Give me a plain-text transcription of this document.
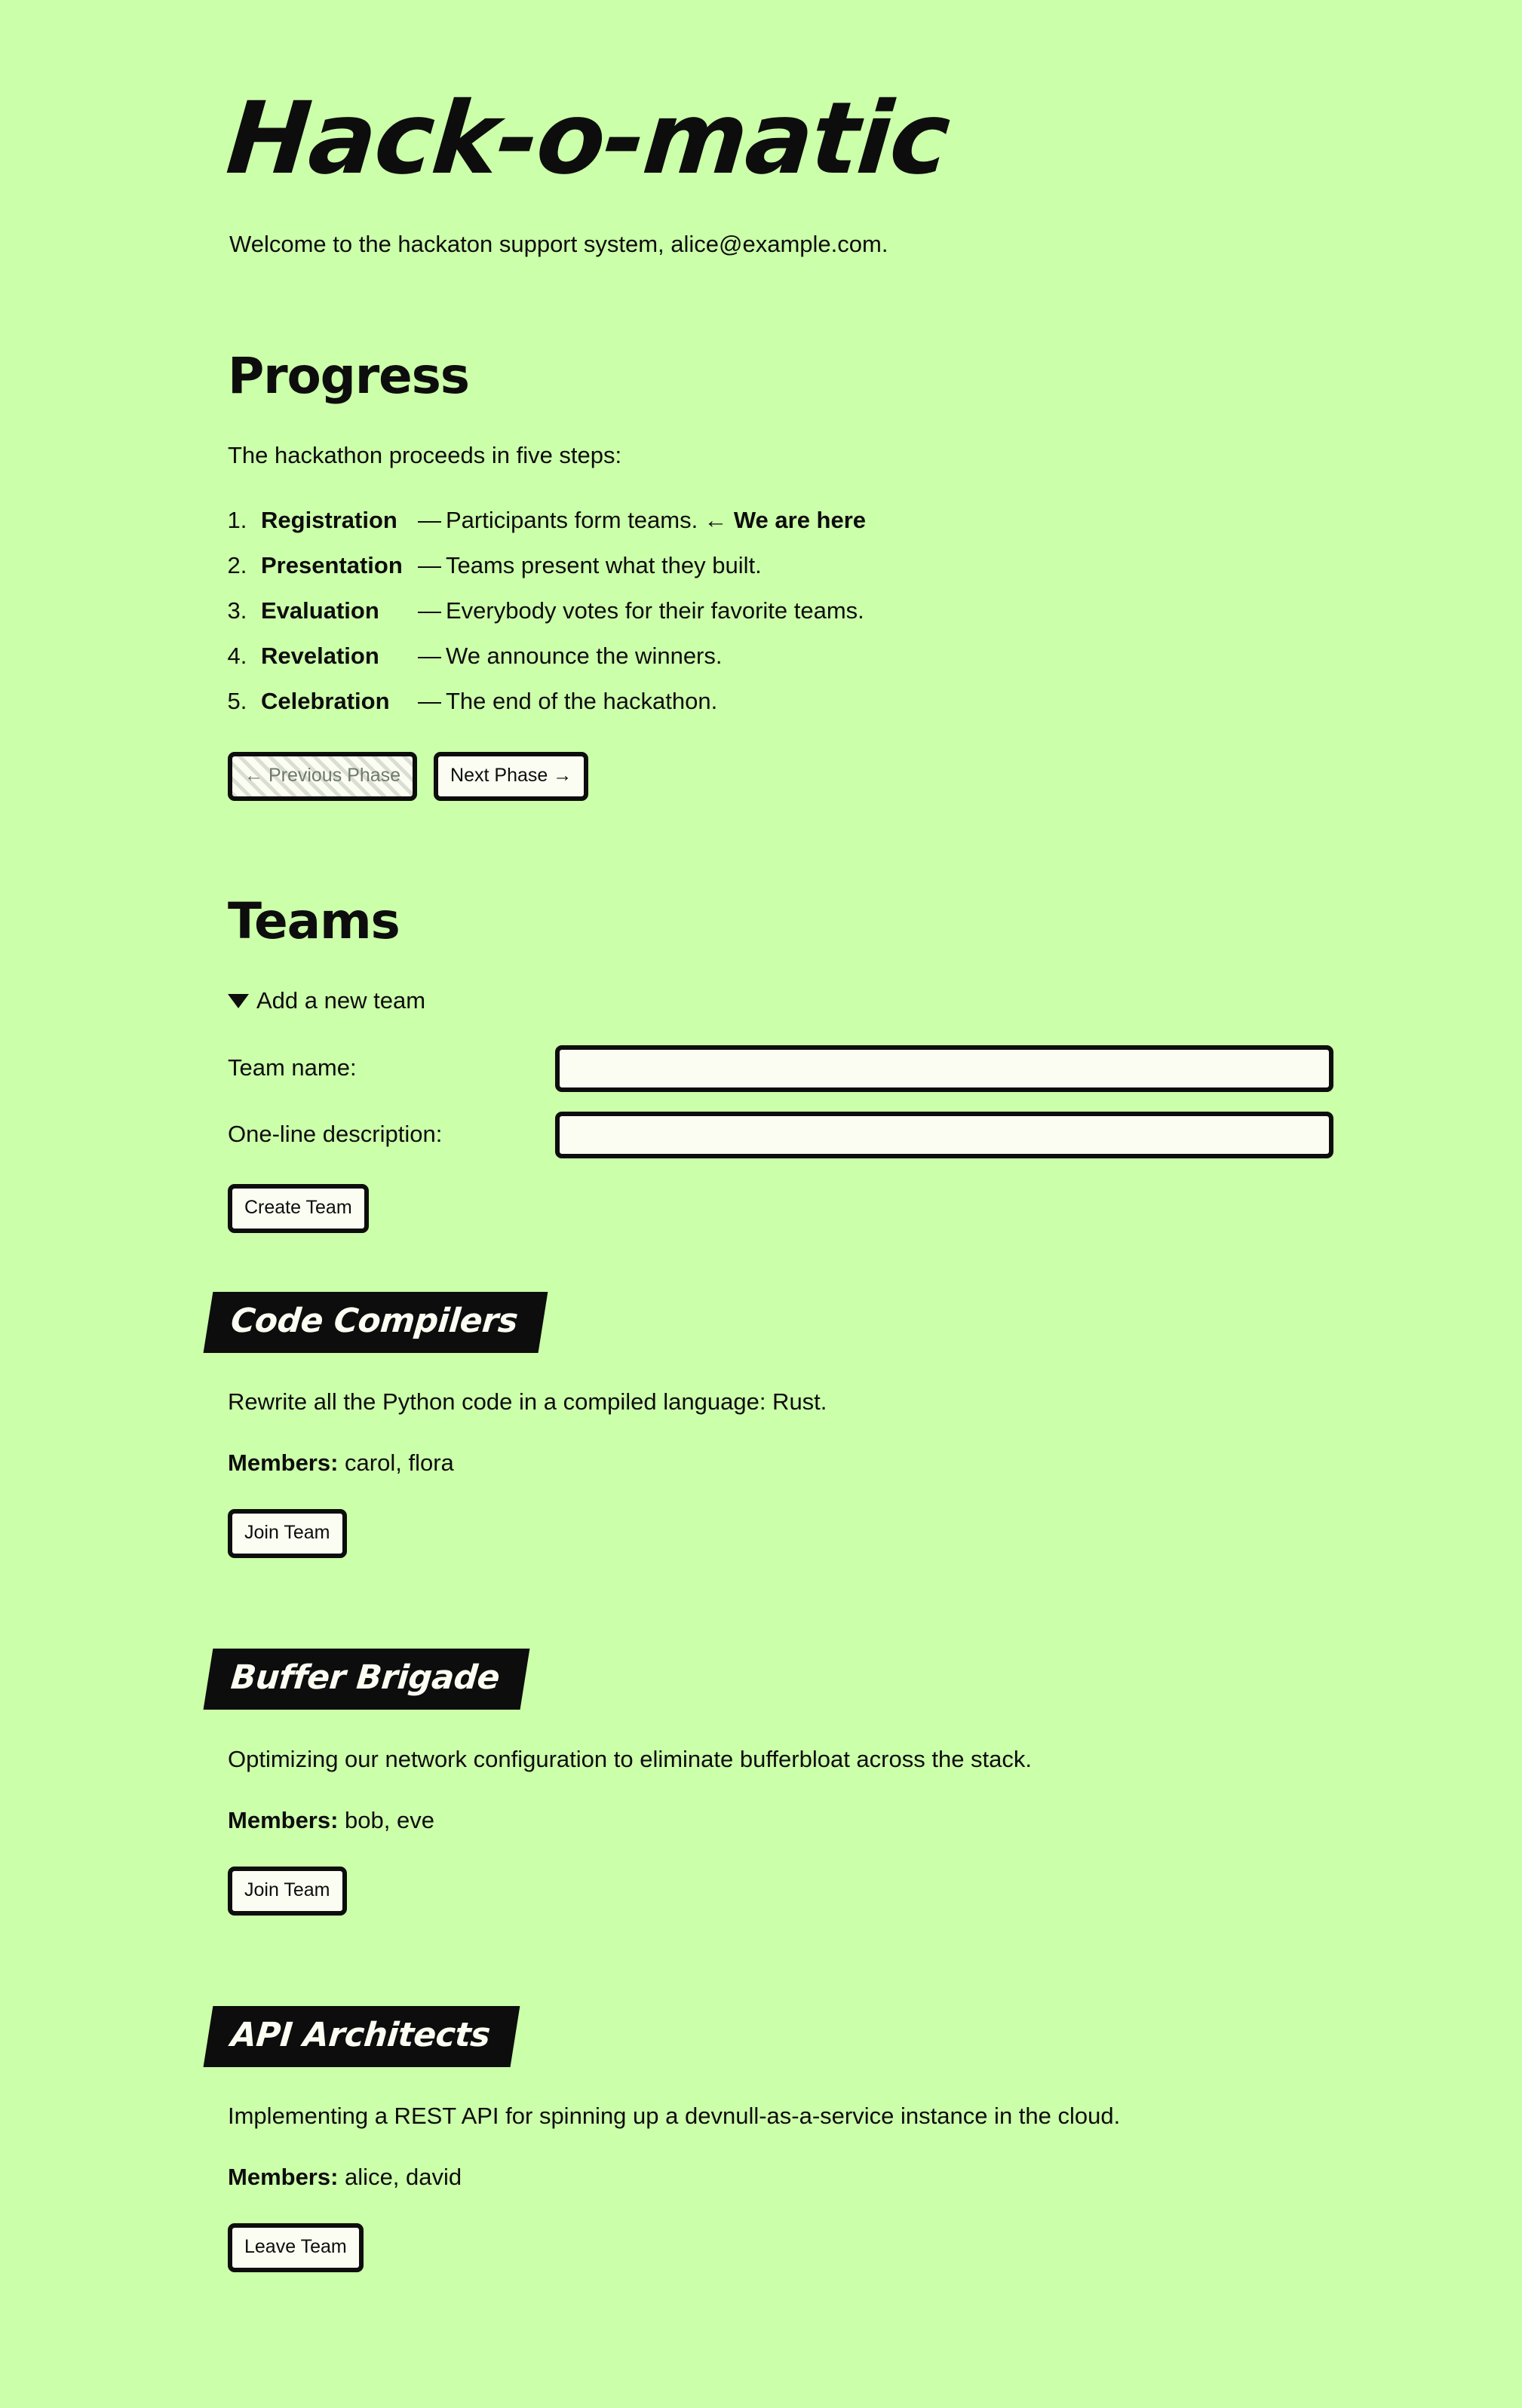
Hack-o-matic

Welcome to the hackaton support system, alice@example.com.

Progress

The hackathon proceeds in five steps:

1. Registration — Participants form teams. ← We are here
2. Presentation — Teams present what they built.
3. Evaluation — Everybody votes for their favorite teams.
4. Revelation — We announce the winners.
5. Celebration — The end of the hackathon.
← Previous Phase	Next Phase →
Teams
Add a new team
Team name:
One-line description:
Create Team
Code Compilers

Rewrite all the Python code in a compiled language: Rust.

Members: carol, flora

Join Team
Buffer Brigade

Optimizing our network configuration to eliminate bufferbloat across the stack.

Members: bob, eve

Join Team
API Architects

Implementing a REST API for spinning up a devnull-as-a-service instance in the cloud.

Members: alice, david

Leave Team
